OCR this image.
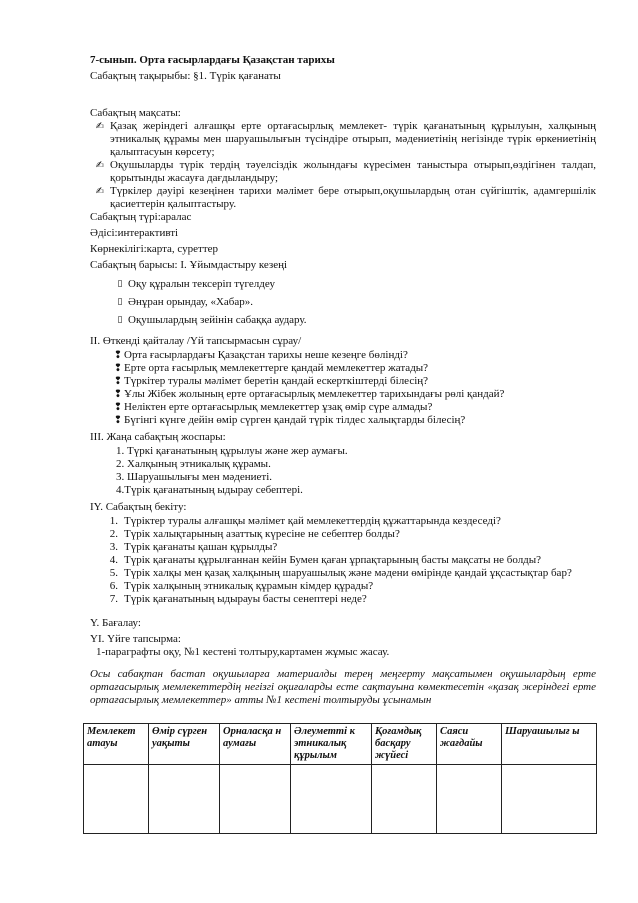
7-сынып. Орта ғасырлардағы Қазақстан тарихы

Сабақтың тақырыбы: §1. Түрік қағанаты

Сабақтың мақсаты:

✍ Қазақ жеріндегі алғашқы ерте ортағасырлық мемлекет- түрік қағанатының құрылуын, халқының этникалық құрамы мен шаруашылығын түсіндіре отырып, мәдениетінің негізінде түрік өркениетінің қалыптасуын көрсету;
✍ Оқушыларды түрік тердің тәуелсіздік жолындағы күресімен таныстыра отырып,өздігінен талдап, қорытынды жасауға дағдыландыру;
✍ Түркілер дәуірі кезеңінен тарихи мәлімет бере отырып,оқушылардың отан сүйгіштік, адамгершілік қасиеттерін қалыптастыру.

Сабақтың түрі:аралас

Әдісі:интерактивті

Көрнекілігі:карта, суреттер

Сабақтың барысы: I. Ұйымдастыру кезеңі

▯ Оқу құралын тексеріп түгелдеу
▯ Әнұран орындау, «Хабар».
▯ Оқушылардың зейінін сабаққа аудару.

II. Өткенді қайталау /Үй тапсырмасын сұрау/

❢ Орта ғасырлардағы Қазақстан тарихы неше кезеңге бөлінді?
❢ Ерте орта ғасырлық мемлекеттерге қандай мемлекеттер жатады?
❢ Түркітер туралы мәлімет беретін қандай ескерткіштерді білесің?
❢ Ұлы Жібек жолының ерте ортағасырлық мемлекеттер тарихындағы рөлі қандай?
❢ Неліктен ерте ортағасырлық мемлекеттер ұзақ өмір сүре алмады?
❢ Бүгінгі күнге дейін өмір сүрген қандай түрік тілдес халықтарды білесің?

III. Жаңа сабақтың жоспары:

1. Түркі қағанатының құрылуы және жер аумағы.

2. Халқының этникалық құрамы.

3. Шаруашылығы мен мәдениеті.

4.Түрік қағанатының ыдырау себептері.

IY. Сабақтың бекіту:

1. Түріктер туралы алғашқы мәлімет қай мемлекеттердің құжаттарында кездеседі?
2. Түрік халықтарының азаттық күресіне не себептер болды?
3. Түрік қағанаты қашан құрылды?
4. Түрік қағанаты құрылғаннан кейін Бумен қаған ұрпақтарының басты мақсаты не болды?
5. Түрік халқы мен қазақ халқының шаруашылық және мәдени өмірінде қандай ұқсастықтар бар?
6. Түрік халқының этникалық құрамын кімдер құрады?
7. Түрік қағанатының ыдырауы басты сенептері неде?

Y. Бағалау:

YI. Үйге тапсырма:

1-параграфты оқу, №1 кестені толтыру,картамен жұмыс жасау.

Осы сабақтан бастап оқушыларға материалды терең меңгерту мақсатымен оқушылардың ерте ортағасырлық мемлекеттердің негізгі оқиғаларды есте сақтауына көмектесетін «қазақ жеріндегі ерте ортағасырлық мемлекеттер» атты №1 кестені толтыруды ұсынамын

Мемлекет атауы	Өмір сүрген уақыты	Орналасқа н аумағы	Әлеуметті к этникалық құрылым	Қоғамдық басқару жүйесі	Саяси жағдайы	Шаруашылығ ы
